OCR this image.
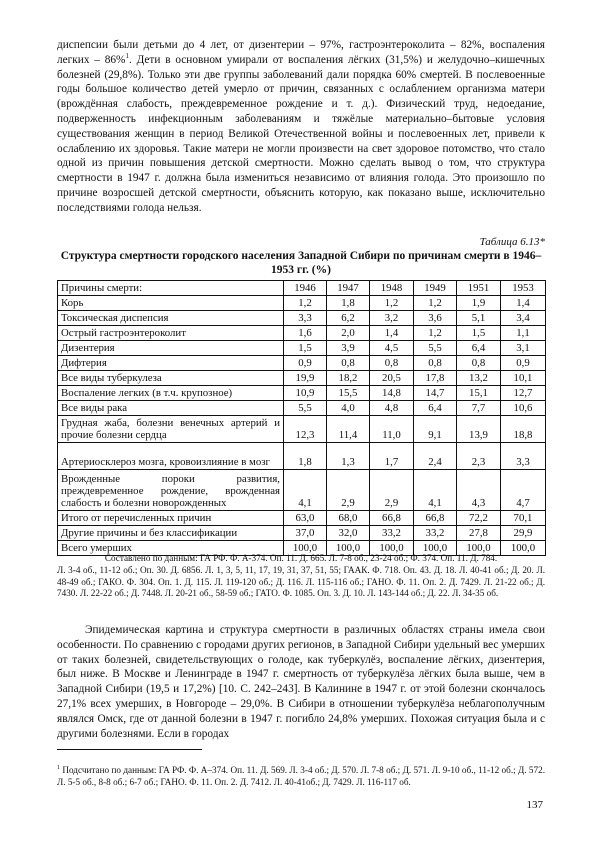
диспепсии были детьми до 4 лет, от дизентерии – 97%, гастроэнтероколита – 82%, воспаления легких – 86%$^1$. Дети в основном умирали от воспаления лёгких (31,5%) и желудочно–кишечных болезней (29,8%). Только эти две группы заболеваний дали порядка 60% смертей. В послевоенные годы большое количество детей умерло от причин, связанных с ослаблением организма матери (врождённая слабость, преждевременное рождение и т. д.). Физический труд, недоедание, подверженность инфекционным заболеваниям и тяжёлые материально–бытовые условия существования женщин в период Великой Отечественной войны и послевоенных лет, привели к ослаблению их здоровья. Такие матери не могли произвести на свет здоровое потомство, что стало одной из причин повышения детской смертности. Можно сделать вывод о том, что структура смертности в 1947 г. должна была измениться независимо от влияния голода. Это произошло по причине возросшей детской смертности, объяснить которую, как показано выше, исключительно последствиями голода нельзя.

Таблица 6.13*
Структура смертности городского населения Западной Сибири по причинам смерти в 1946–1953 гг. (%)
Причины смерти:	1946	1947	1948	1949	1951	1953
Корь	1,2	1,8	1,2	1,2	1,9	1,4
Токсическая диспепсия	3,3	6,2	3,2	3,6	5,1	3,4
Острый гастроэнтероколит	1,6	2,0	1,4	1,2	1,5	1,1
Дизентерия	1,5	3,9	4,5	5,5	6,4	3,1
Дифтерия	0,9	0,8	0,8	0,8	0,8	0,9
Все виды туберкулеза	19,9	18,2	20,5	17,8	13,2	10,1
Воспаление легких (в т.ч. крупозное)	10,9	15,5	14,8	14,7	15,1	12,7
Все виды рака	5,5	4,0	4,8	6,4	7,7	10,6
Грудная жаба, болезни венечных артерий и прочие болезни сердца	12,3	11,4	11,0	9,1	13,9	18,8
Артериосклероз мозга, кровоизлияние в мозг	1,8	1,3	1,7	2,4	2,3	3,3
Врожденные пороки развития, преждевременное рождение, врожденная слабость и болезни новорожденных	4,1	2,9	2,9	4,1	4,3	4,7
Итого от перечисленных причин	63,0	68,0	66,8	66,8	72,2	70,1
Другие причины и без классификации	37,0	32,0	33,2	33,2	27,8	29,9
Всего умерших	100,0	100,0	100,0	100,0	100,0	100,0

Составлено по данным: ГА РФ. Ф. А-374. Оп. 11. Д. 665. Л. 7-8 об., 23-24 об.; Ф. 374. Оп. 11. Д. 784.
Л. 3-4 об., 11-12 об.; Оп. 30. Д. 6856. Л. 1, 3, 5, 11, 17, 19, 31, 37, 51, 55; ГААК. Ф. 718. Оп. 43. Д. 18. Л. 40-41 об.; Д. 20. Л. 48-49 об.; ГАКО. Ф. 304. Оп. 1. Д. 115. Л. 119-120 об.; Д. 116. Л. 115-116 об.; ГАНО. Ф. 11. Оп. 2. Д. 7429. Л. 21-22 об.; Д. 7430. Л. 22-22 об.; Д. 7448. Л. 20-21 об., 58-59 об.; ГАТО. Ф. 1085. Оп. 3. Д. 10. Л. 143-144 об.; Д. 22. Л. 34-35 об.

Эпидемическая картина и структура смертности в различных областях страны имела свои особенности. По сравнению с городами других регионов, в Западной Сибири удельный вес умерших от таких болезней, свидетельствующих о голоде, как туберкулёз, воспаление лёгких, дизентерия, был ниже. В Москве и Ленинграде в 1947 г. смертность от туберкулёза лёгких была выше, чем в Западной Сибири (19,5 и 17,2%) [10. С. 242–243]. В Калинине в 1947 г. от этой болезни скончалось 27,1% всех умерших, в Новгороде – 29,0%. В Сибири в отношении туберкулёза неблагополучным являлся Омск, где от данной болезни в 1947 г. погибло 24,8% умерших. Похожая ситуация была и с другими болезнями. Если в городах

$^1$ Подсчитано по данным: ГА РФ. Ф. А–374. Оп. 11. Д. 569. Л. 3-4 об.; Д. 570. Л. 7-8 об.; Д. 571. Л. 9-10 об., 11-12 об.; Д. 572. Л. 5-5 об., 8-8 об.; 6-7 об.; ГАНО. Ф. 11. Оп. 2. Д. 7412. Л. 40-41об.; Д. 7429. Л. 116-117 об.

137
